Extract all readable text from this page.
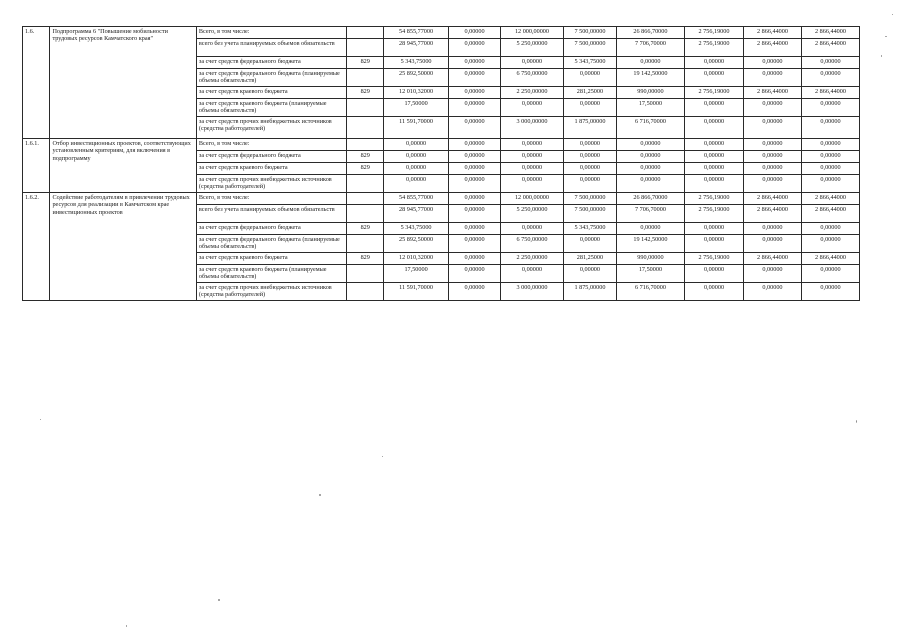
1.6.	Подпрограмма 6 "Повышение мобильности трудовых ресурсов Камчатского края"	Всего, в том числе:		54 855,77000	0,00000	12 000,00000	7 500,00000	26 866,70000	2 756,19000	2 866,44000	2 866,44000
		всего без учета планируемых объемов обязательств		28 945,77000	0,00000	5 250,00000	7 500,00000	7 706,70000	2 756,19000	2 866,44000	2 866,44000
		за счет средств федерального бюджета	829	5 343,75000	0,00000	0,00000	5 343,75000	0,00000	0,00000	0,00000	0,00000
		за счет средств федерального бюджета (планируемые объемы обязательств)		25 892,50000	0,00000	6 750,00000	0,00000	19 142,50000	0,00000	0,00000	0,00000
		за счет средств краевого бюджета	829	12 010,32000	0,00000	2 250,00000	281,25000	990,00000	2 756,19000	2 866,44000	2 866,44000
		за счет средств краевого бюджета (планируемые объемы обязательств)		17,50000	0,00000	0,00000	0,00000	17,50000	0,00000	0,00000	0,00000
		за счет средств прочих внебюджетных источников (средства работодателей)		11 591,70000	0,00000	3 000,00000	1 875,00000	6 716,70000	0,00000	0,00000	0,00000
1.6.1.	Отбор инвестиционных проектов, соответствующих установленным критериям, для включения в подпрограмму	Всего, в том числе:		0,00000	0,00000	0,00000	0,00000	0,00000	0,00000	0,00000	0,00000
		за счет средств федерального бюджета	829	0,00000	0,00000	0,00000	0,00000	0,00000	0,00000	0,00000	0,00000
		за счет средств краевого бюджета	829	0,00000	0,00000	0,00000	0,00000	0,00000	0,00000	0,00000	0,00000
		за счет средств прочих внебюджетных источников (средства работодателей)		0,00000	0,00000	0,00000	0,00000	0,00000	0,00000	0,00000	0,00000
1.6.2.	Содействие работодателям в привлечении трудовых ресурсов для реализации в Камчатском крае инвестиционных проектов	Всего, в том числе:		54 855,77000	0,00000	12 000,00000	7 500,00000	26 866,70000	2 756,19000	2 866,44000	2 866,44000
		всего без учета планируемых объемов обязательств		28 945,77000	0,00000	5 250,00000	7 500,00000	7 706,70000	2 756,19000	2 866,44000	2 866,44000
		за счет средств федерального бюджета	829	5 343,75000	0,00000	0,00000	5 343,75000	0,00000	0,00000	0,00000	0,00000
		за счет средств федерального бюджета (планируемые объемы обязательств)		25 892,50000	0,00000	6 750,00000	0,00000	19 142,50000	0,00000	0,00000	0,00000
		за счет средств краевого бюджета	829	12 010,32000	0,00000	2 250,00000	281,25000	990,00000	2 756,19000	2 866,44000	2 866,44000
		за счет средств краевого бюджета (планируемые объемы обязательств)		17,50000	0,00000	0,00000	0,00000	17,50000	0,00000	0,00000	0,00000
		за счет средств прочих внебюджетных источников (средства работодателей)		11 591,70000	0,00000	3 000,00000	1 875,00000	6 716,70000	0,00000	0,00000	0,00000
